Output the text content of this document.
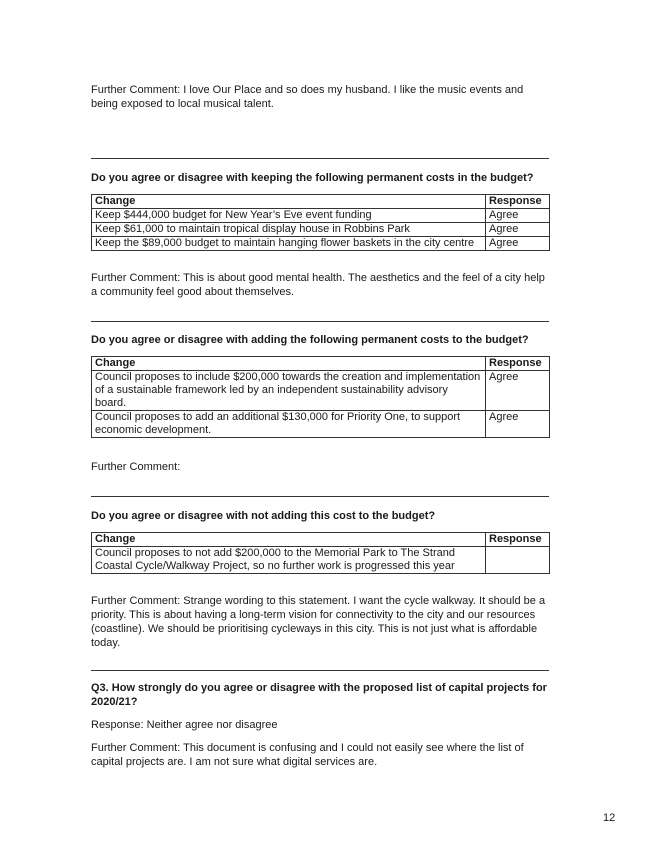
Further Comment: I love Our Place and so does my husband. I like the music events and being exposed to local musical talent.

Do you agree or disagree with keeping the following permanent costs in the budget?

Change	Response
Keep $444,000 budget for New Year’s Eve event funding	Agree
Keep $61,000 to maintain tropical display house in Robbins Park	Agree
Keep the $89,000 budget to maintain hanging flower baskets in the city centre	Agree

Further Comment: This is about good mental health. The aesthetics and the feel of a city help a community feel good about themselves.

Do you agree or disagree with adding the following permanent costs to the budget?

Change	Response
Council proposes to include $200,000 towards the creation and implementation of a sustainable framework led by an independent sustainability advisory board.	Agree
Council proposes to add an additional $130,000 for Priority One, to support economic development.	Agree

Further Comment:

Do you agree or disagree with not adding this cost to the budget?

Change	Response
Council proposes to not add $200,000 to the Memorial Park to The Strand Coastal Cycle/Walkway Project, so no further work is progressed this year	

Further Comment: Strange wording to this statement. I want the cycle walkway. It should be a priority. This is about having a long-term vision for connectivity to the city and our resources (coastline). We should be prioritising cycleways in this city. This is not just what is affordable today.

Q3. How strongly do you agree or disagree with the proposed list of capital projects for 2020/21?

Response: Neither agree nor disagree

Further Comment: This document is confusing and I could not easily see where the list of capital projects are. I am not sure what digital services are.

12
